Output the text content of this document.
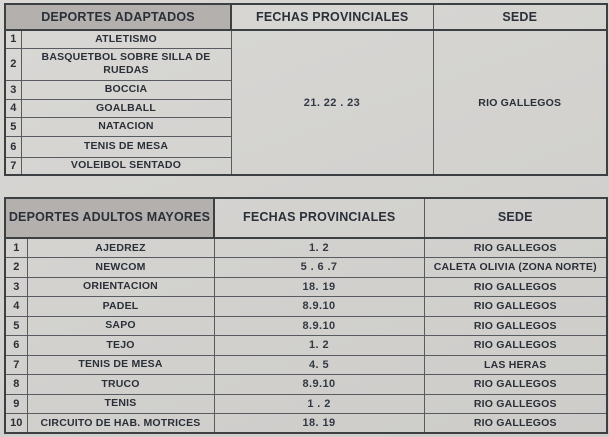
DEPORTES ADAPTADOS		FECHAS PROVINCIALES	SEDE
1	ATLETISMO	21. 22 . 23	RIO GALLEGOS
2	BASQUETBOL SOBRE SILLA DE RUEDAS		
3	BOCCIA		
4	GOALBALL		
5	NATACION		
6	TENIS DE MESA		
7	VOLEIBOL SENTADO		
DEPORTES ADULTOS MAYORES		FECHAS PROVINCIALES	SEDE
1	AJEDREZ	1. 2	RIO GALLEGOS
2	NEWCOM	5 . 6 .7	CALETA OLIVIA (ZONA NORTE)
3	ORIENTACION	18. 19	RIO GALLEGOS
4	PADEL	8.9.10	RIO GALLEGOS
5	SAPO	8.9.10	RIO GALLEGOS
6	TEJO	1. 2	RIO GALLEGOS
7	TENIS DE MESA	4. 5	LAS HERAS
8	TRUCO	8.9.10	RIO GALLEGOS
9	TENIS	1 . 2	RIO GALLEGOS
10	CIRCUITO DE HAB. MOTRICES	18. 19	RIO GALLEGOS
